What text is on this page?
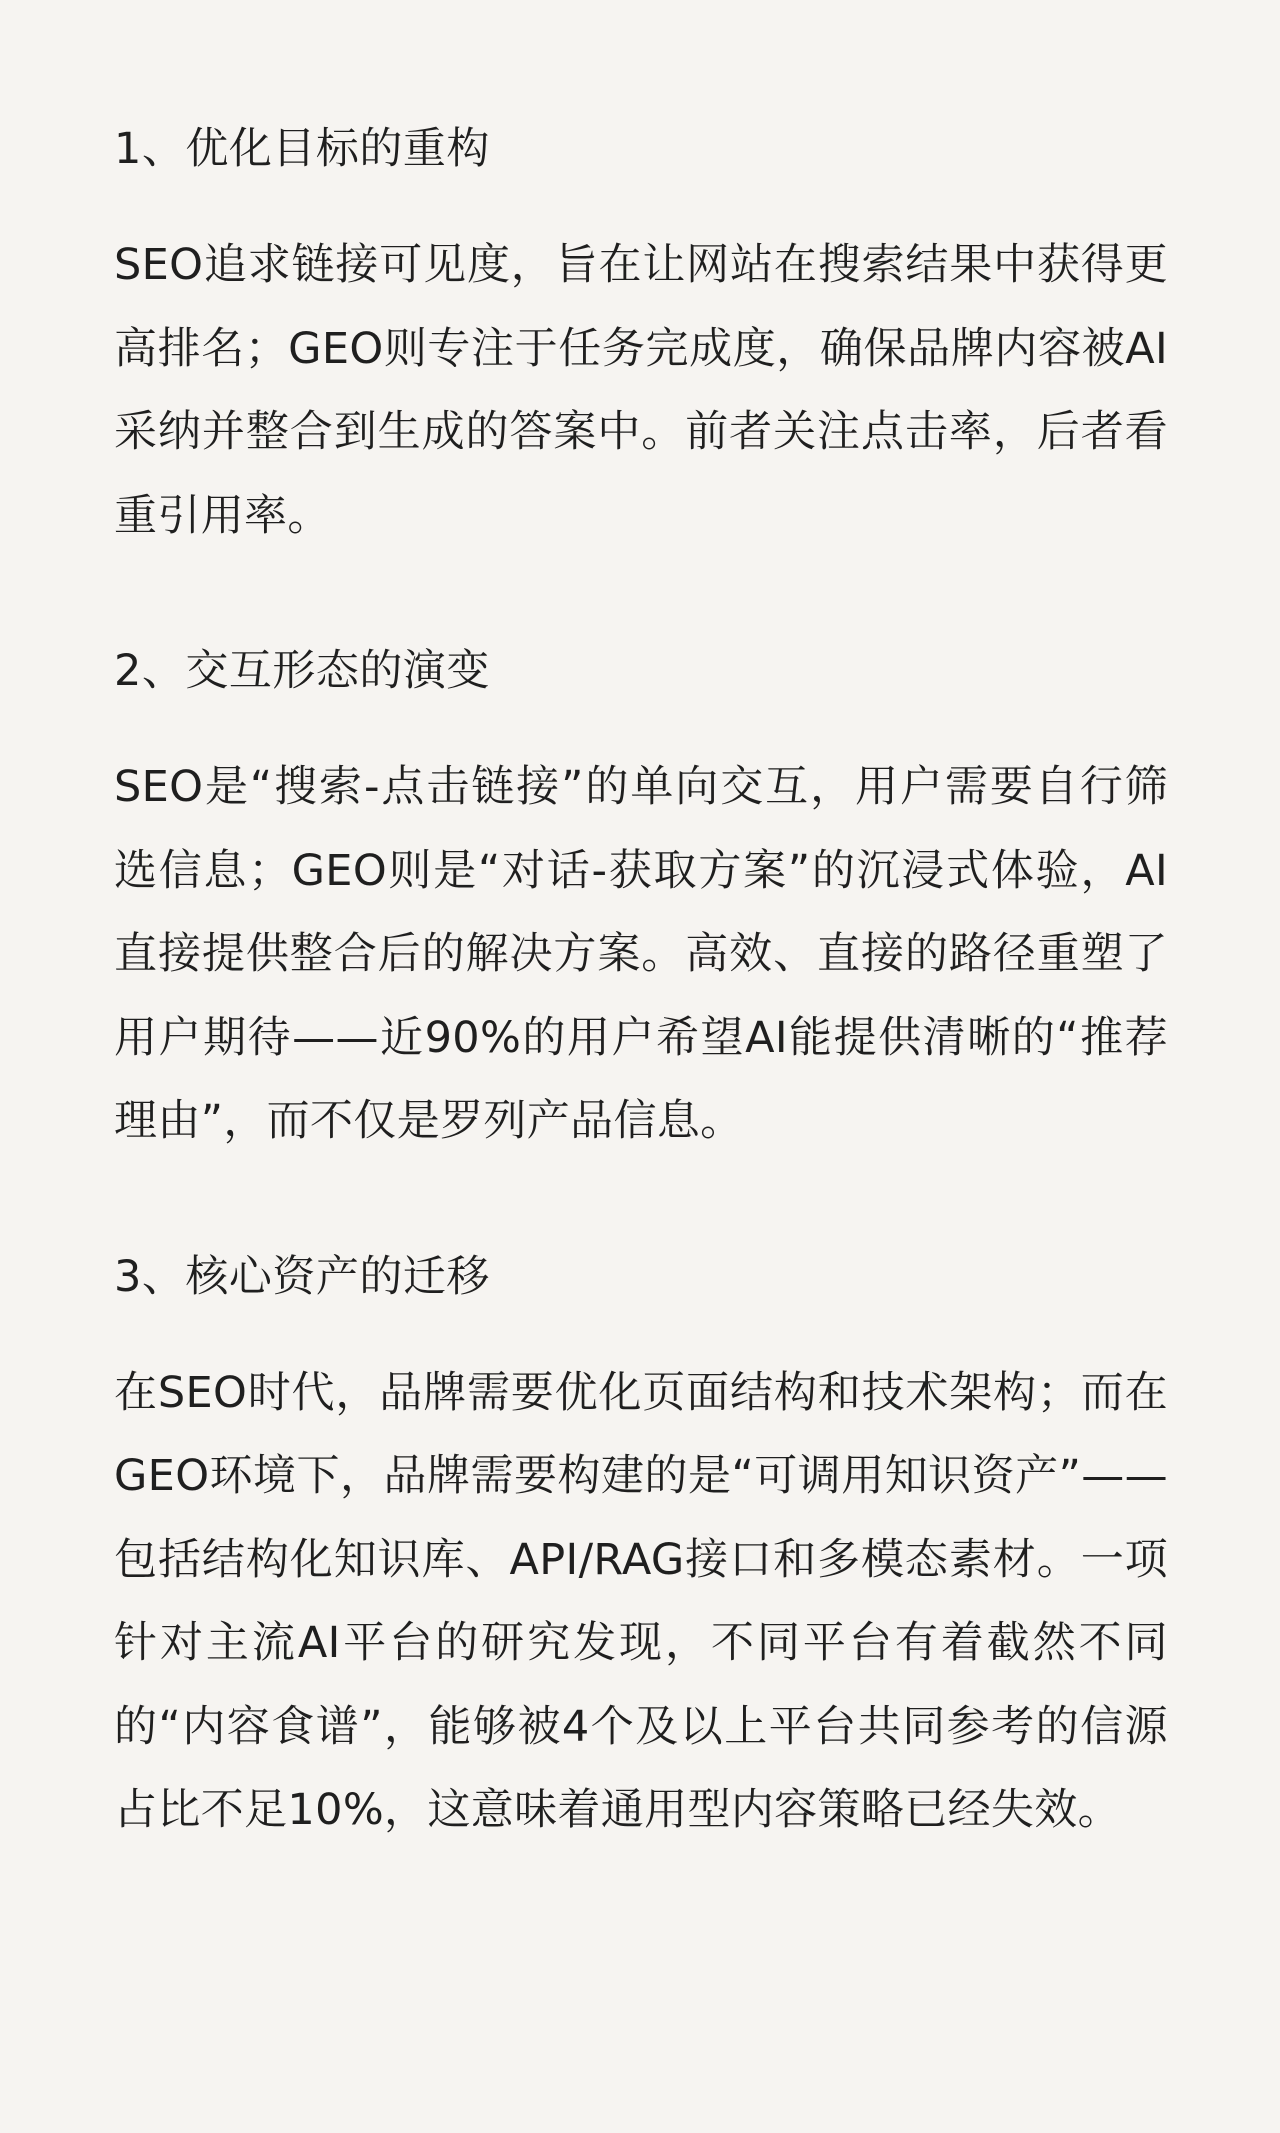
1、优化目标的重构

SEO追求链接可见度，旨在让网站在搜索结果中获得更高排名；GEO则专注于任务完成度，确保品牌内容被AI采纳并整合到生成的答案中。前者关注点击率，后者看重引用率。

2、交互形态的演变

SEO是“搜索-点击链接”的单向交互，用户需要自行筛选信息；GEO则是“对话-获取方案”的沉浸式体验，AI直接提供整合后的解决方案。高效、直接的路径重塑了用户期待——近90%的用户希望AI能提供清晰的“推荐理由”，而不仅是罗列产品信息。

3、核心资产的迁移

在SEO时代，品牌需要优化页面结构和技术架构；而在GEO环境下，品牌需要构建的是“可调用知识资产”——包括结构化知识库、API/RAG接口和多模态素材。一项针对主流AI平台的研究发现，不同平台有着截然不同的“内容食谱”，能够被4个及以上平台共同参考的信源占比不足10%，这意味着通用型内容策略已经失效。
